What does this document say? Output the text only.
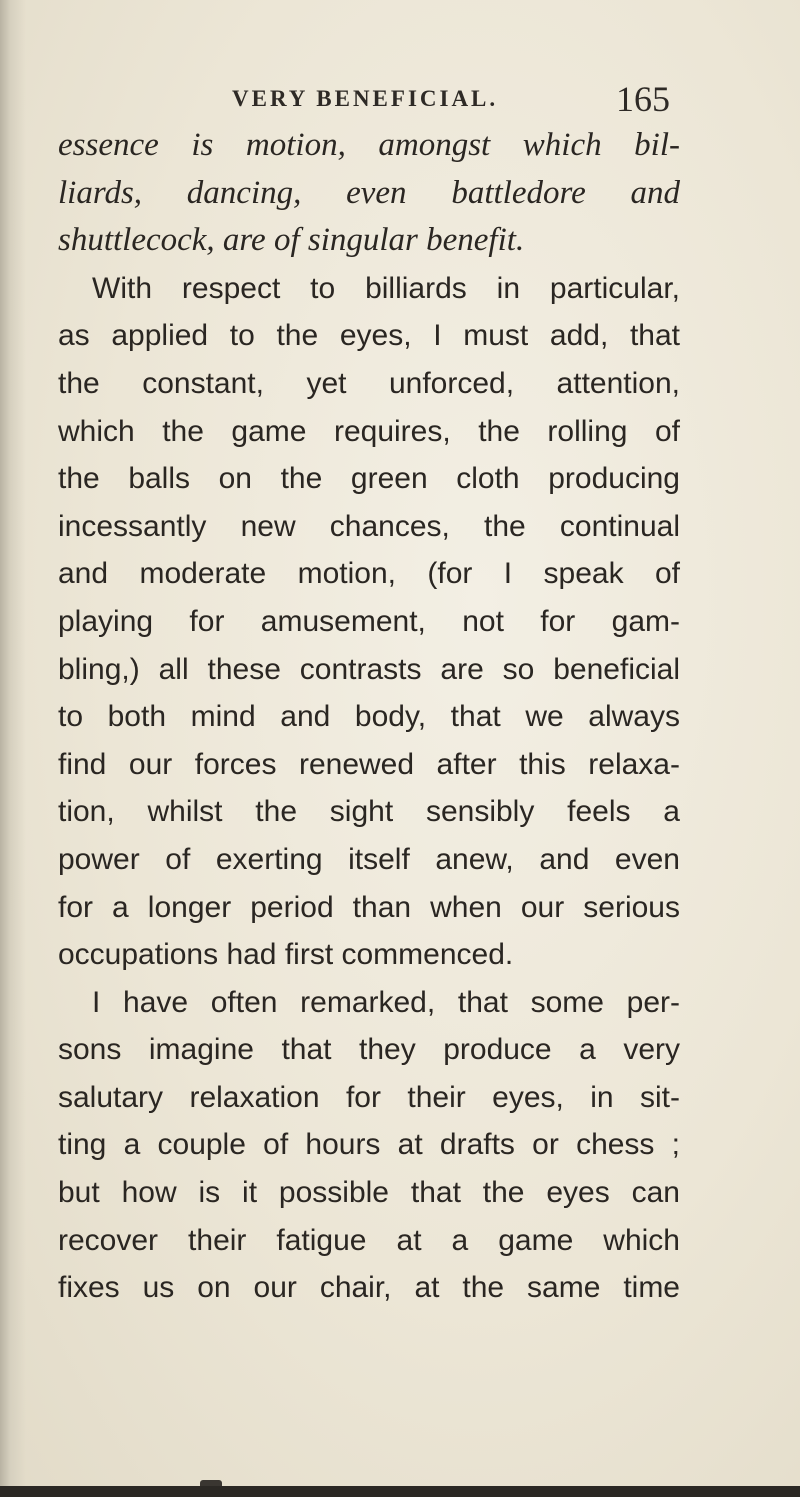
VERY BENEFICIAL.	165
essence is motion, amongst which bil-
liards, dancing, even battledore and
shuttlecock, are of singular benefit.
With respect to billiards in particular,
as applied to the eyes, I must add, that
the constant, yet unforced, attention,
which the game requires, the rolling of
the balls on the green cloth producing
incessantly new chances, the continual
and moderate motion, (for I speak of
playing for amusement, not for gam-
bling,) all these contrasts are so beneficial
to both mind and body, that we always
find our forces renewed after this relaxa-
tion, whilst the sight sensibly feels a
power of exerting itself anew, and even
for a longer period than when our serious
occupations had first commenced.
I have often remarked, that some per-
sons imagine that they produce a very
salutary relaxation for their eyes, in sit-
ting a couple of hours at drafts or chess ;
but how is it possible that the eyes can
recover their fatigue at a game which
fixes us on our chair, at the same time
